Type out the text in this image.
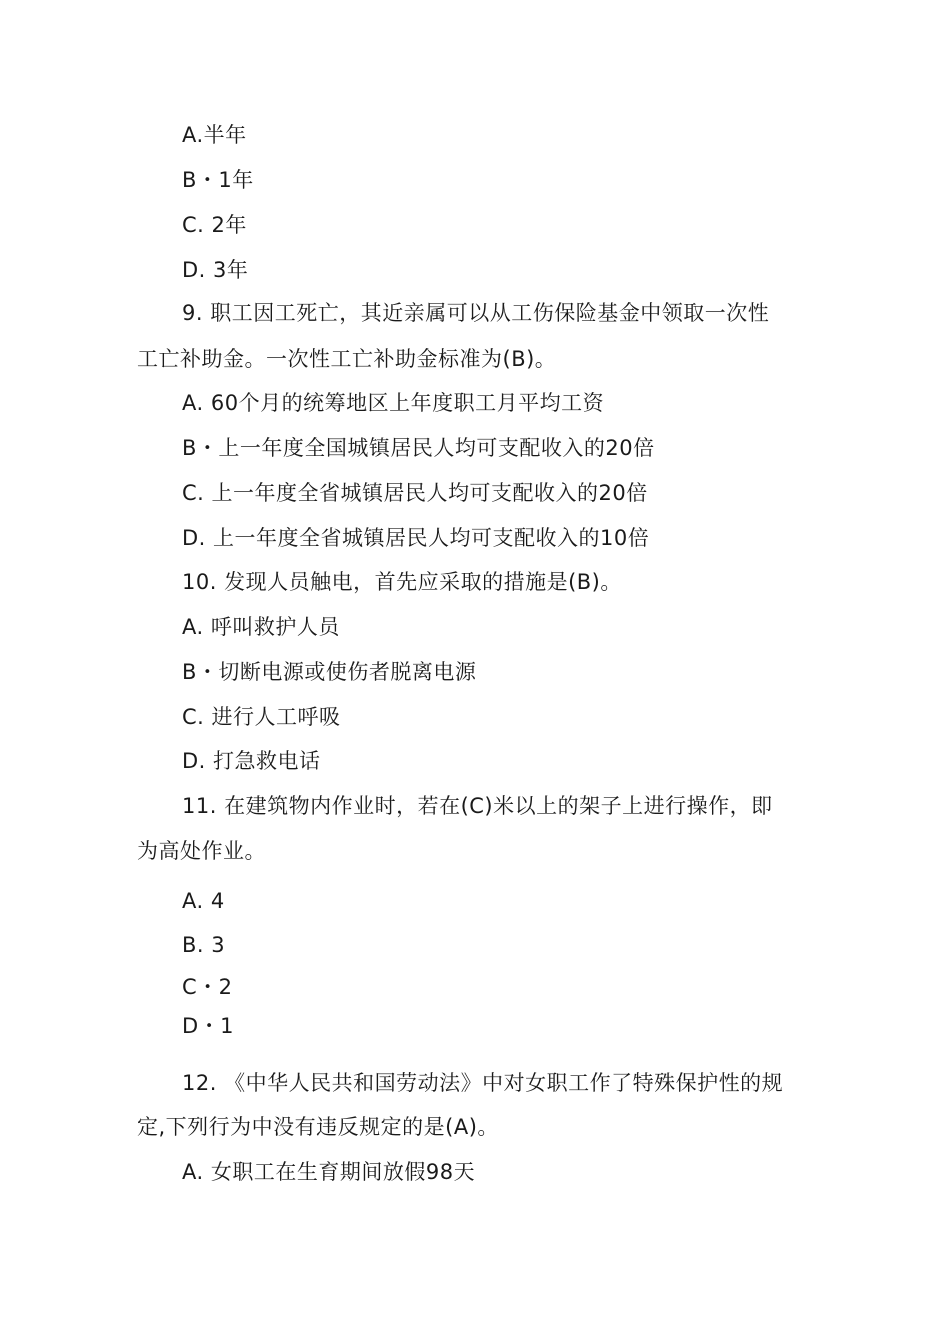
A.半年
B・1年
C. 2年
D. 3年
9. 职工因工死亡，其近亲属可以从工伤保险基金中领取一次性
工亡补助金。一次性工亡补助金标准为(B)。
A. 60个月的统筹地区上年度职工月平均工资
B・上一年度全国城镇居民人均可支配收入的20倍
C. 上一年度全省城镇居民人均可支配收入的20倍
D. 上一年度全省城镇居民人均可支配收入的10倍
10. 发现人员触电，首先应采取的措施是(B)。
A. 呼叫救护人员
B・切断电源或使伤者脱离电源
C. 进行人工呼吸
D. 打急救电话
11. 在建筑物内作业时，若在(C)米以上的架子上进行操作，即
为高处作业。
A. 4
B. 3
C・2
D・1
12. 《中华人民共和国劳动法》中对女职工作了特殊保护性的规
定,下列行为中没有违反规定的是(A)。
A. 女职工在生育期间放假98天
